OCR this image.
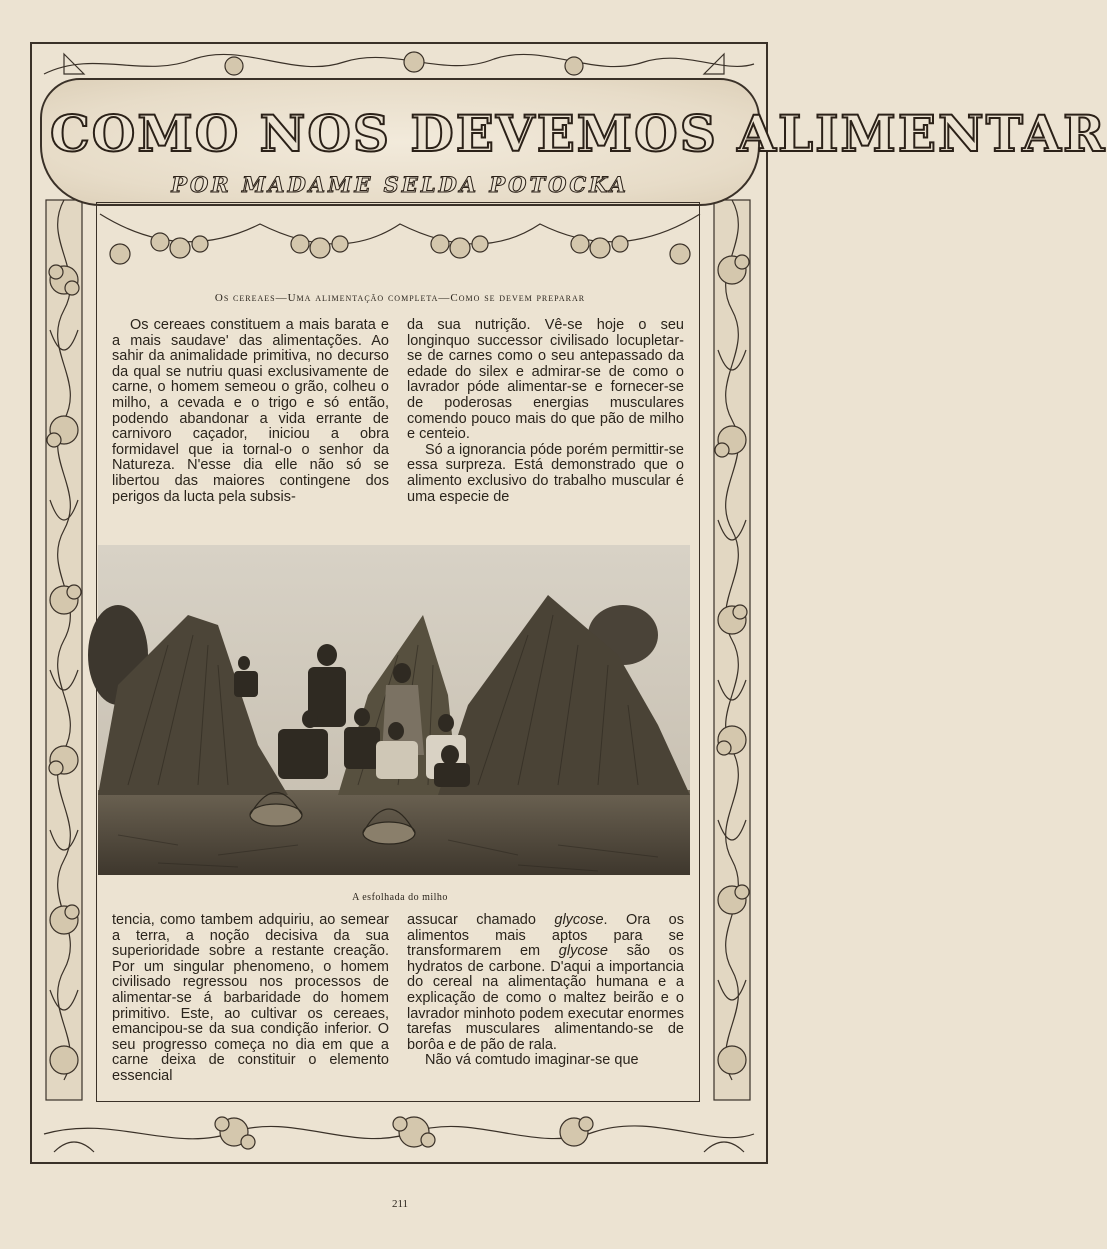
COMO NOS DEVEMOS ALIMENTAR
POR MADAME SELDA POTOCKA
Os cereaes—Uma alimentação completa—Como se devem preparar

Os cereaes constituem a mais barata e a mais saudave' das alimentações. Ao sahir da animalidade primitiva, no decurso da qual se nutriu quasi exclusivamente de carne, o homem semeou o grão, colheu o milho, a cevada e o trigo e só então, podendo abandonar a vida errante de carnivoro caçador, iniciou a obra formidavel que ia tornal-o o senhor da Natureza. N'esse dia elle não só se libertou das maiores contingene dos perigos da lucta pela subsis-

da sua nutrição. Vê-se hoje o seu longinquo successor civilisado locupletar-se de carnes como o seu antepassado da edade do silex e admirar-se de como o lavrador póde alimentar-se e fornecer-se de poderosas energias musculares comendo pouco mais do que pão de milho e centeio.

Só a ignorancia póde porém permittir-se essa surpreza. Está demonstrado que o alimento exclusivo do trabalho muscular é uma especie de

A esfolhada do milho

tencia, como tambem adquiriu, ao semear a terra, a noção decisiva da sua superioridade sobre a restante creação. Por um singular phenomeno, o homem civilisado regressou nos processos de alimentar-se á barbaridade do homem primitivo. Este, ao cultivar os cereaes, emancipou-se da sua condição inferior. O seu progresso começa no dia em que a carne deixa de constituir o elemento essencial

assucar chamado glycose. Ora os alimentos mais aptos para se transformarem em glycose são os hydratos de carbone. D'aqui a importancia do cereal na alimentação humana e a explicação de como o maltez beirão e o lavrador minhoto podem executar enormes tarefas musculares alimentando-se de borôa e de pão de rala.

Não vá comtudo imaginar-se que

211
